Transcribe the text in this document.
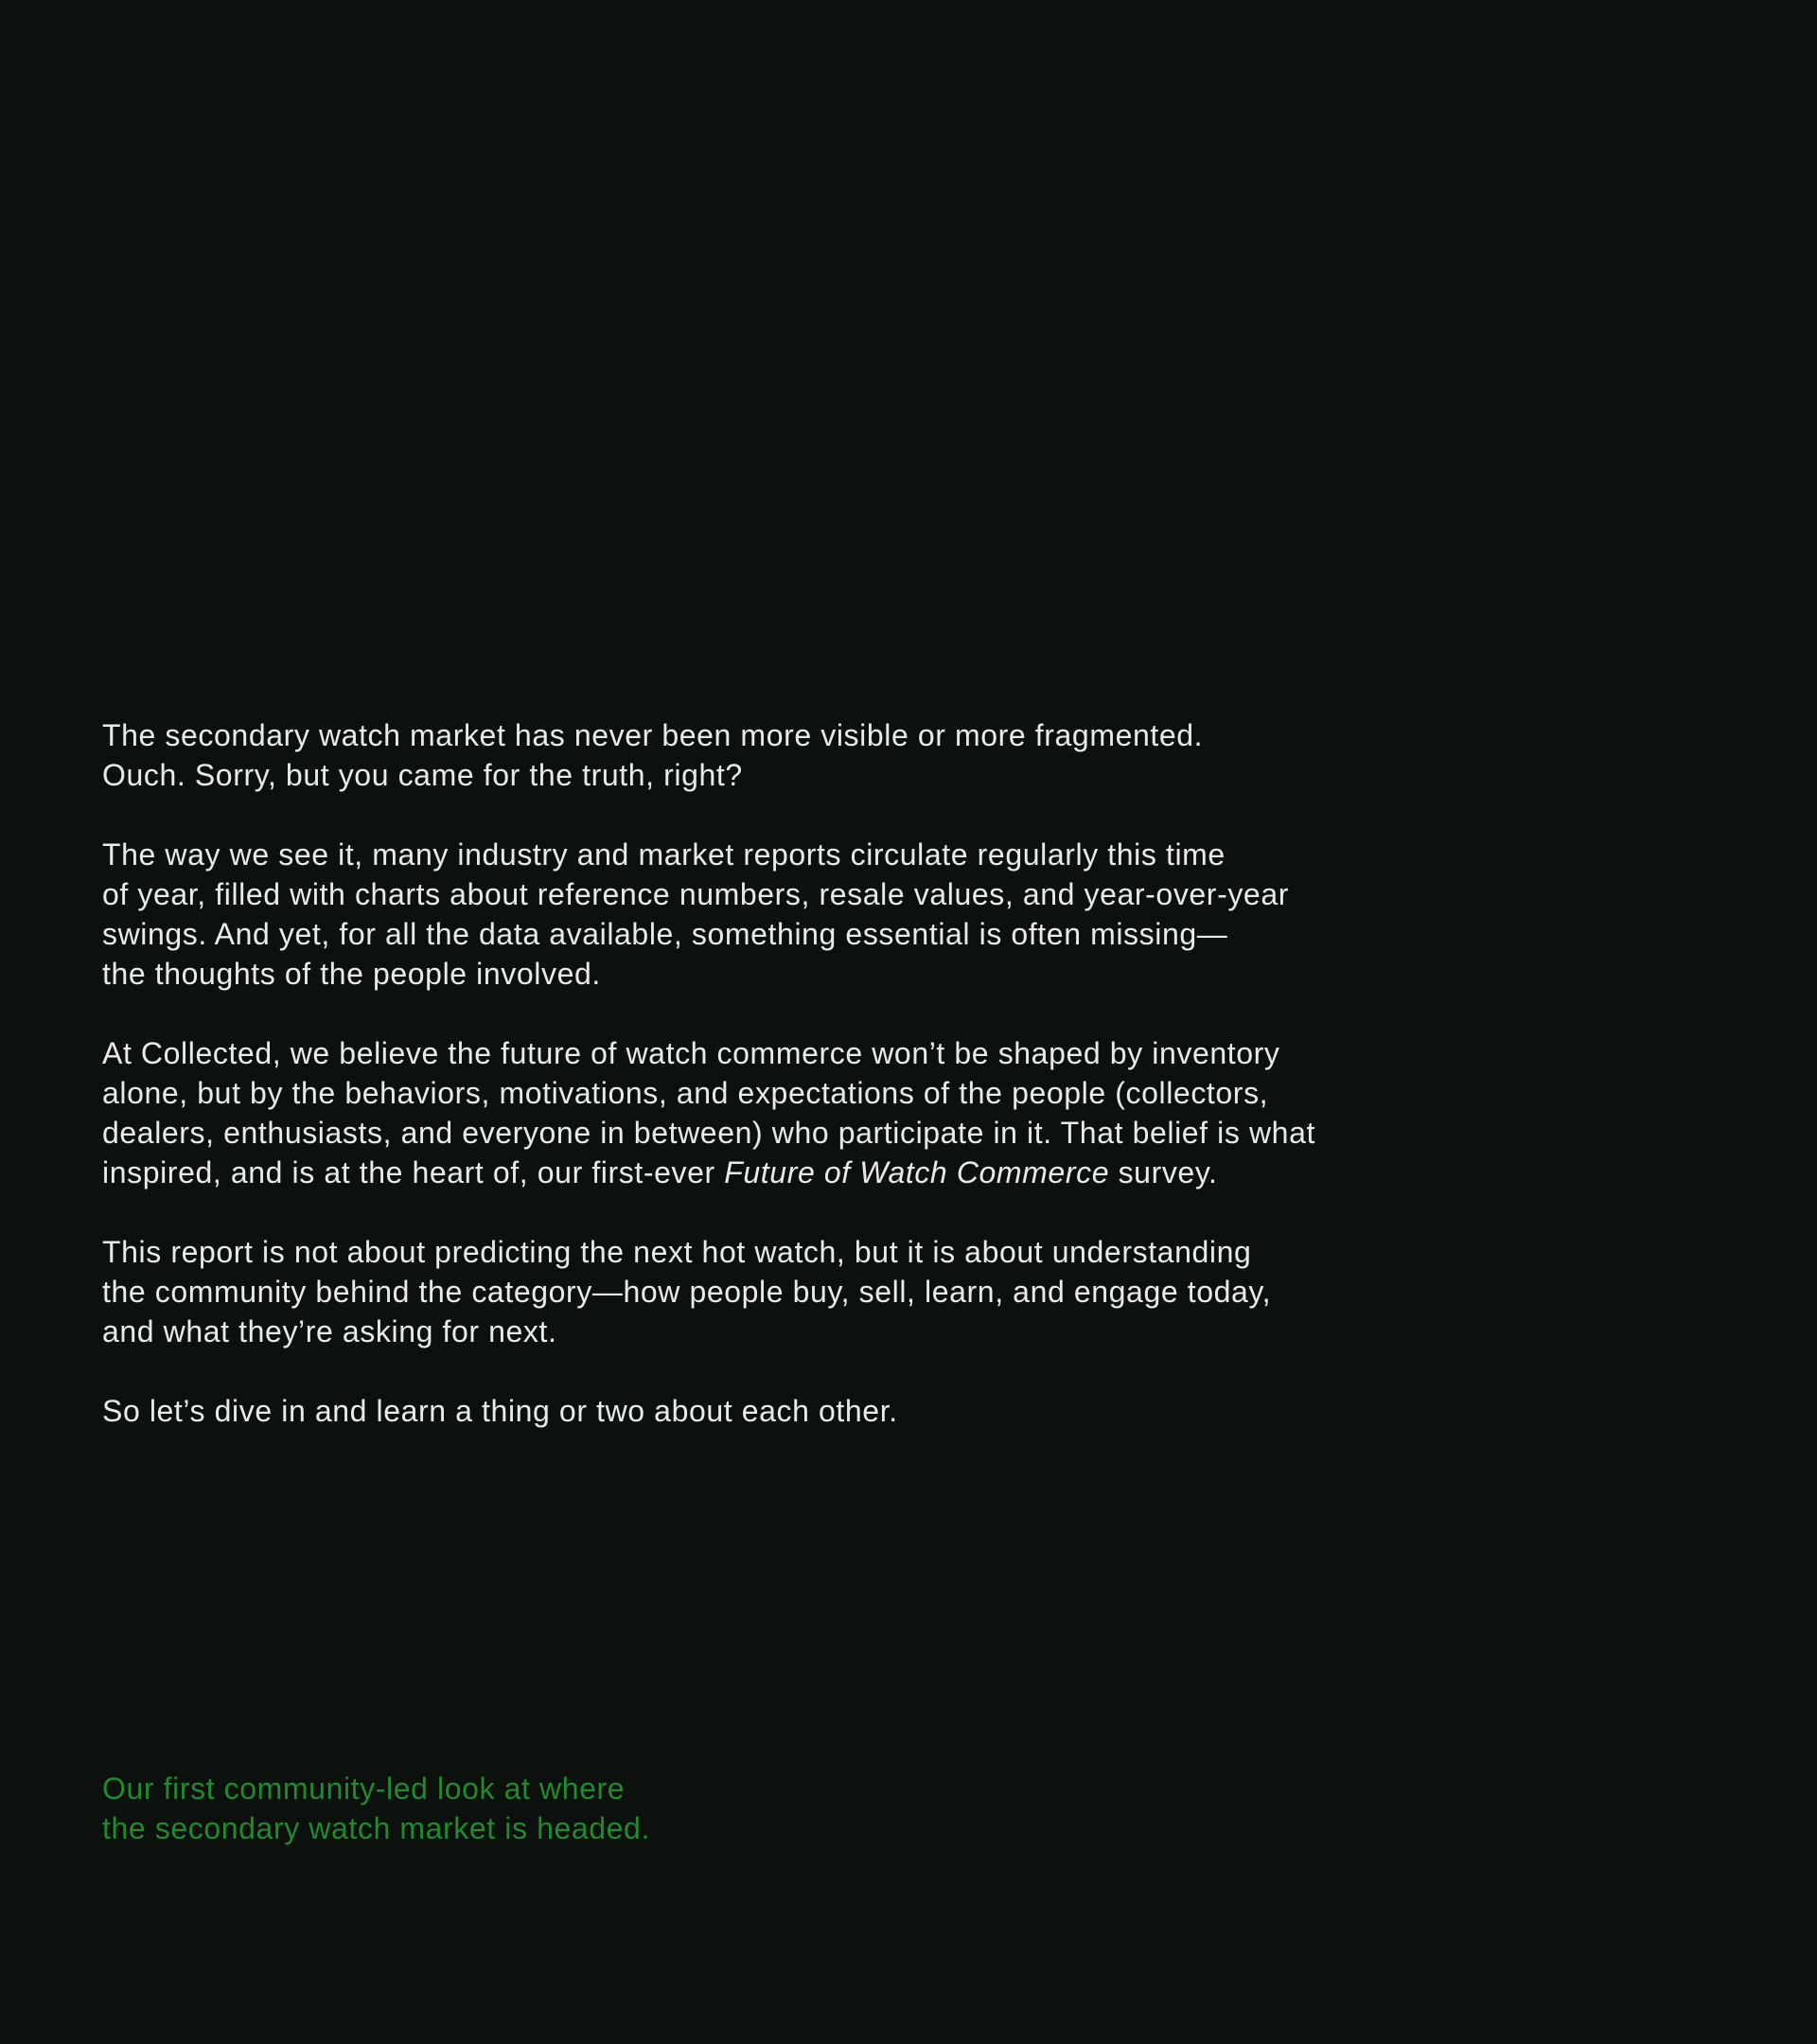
The secondary watch market has never been more visible or more fragmented.
Ouch. Sorry, but you came for the truth, right?

The way we see it, many industry and market reports circulate regularly this time
of year, filled with charts about reference numbers, resale values, and year-over-year
swings. And yet, for all the data available, something essential is often missing—
the thoughts of the people involved.

At Collected, we believe the future of watch commerce won’t be shaped by inventory
alone, but by the behaviors, motivations, and expectations of the people (collectors,
dealers, enthusiasts, and everyone in between) who participate in it. That belief is what
inspired, and is at the heart of, our first-ever Future of Watch Commerce survey.

This report is not about predicting the next hot watch, but it is about understanding
the community behind the category—how people buy, sell, learn, and engage today,
and what they’re asking for next.

So let’s dive in and learn a thing or two about each other.

Our first community-led look at where
the secondary watch market is headed.
